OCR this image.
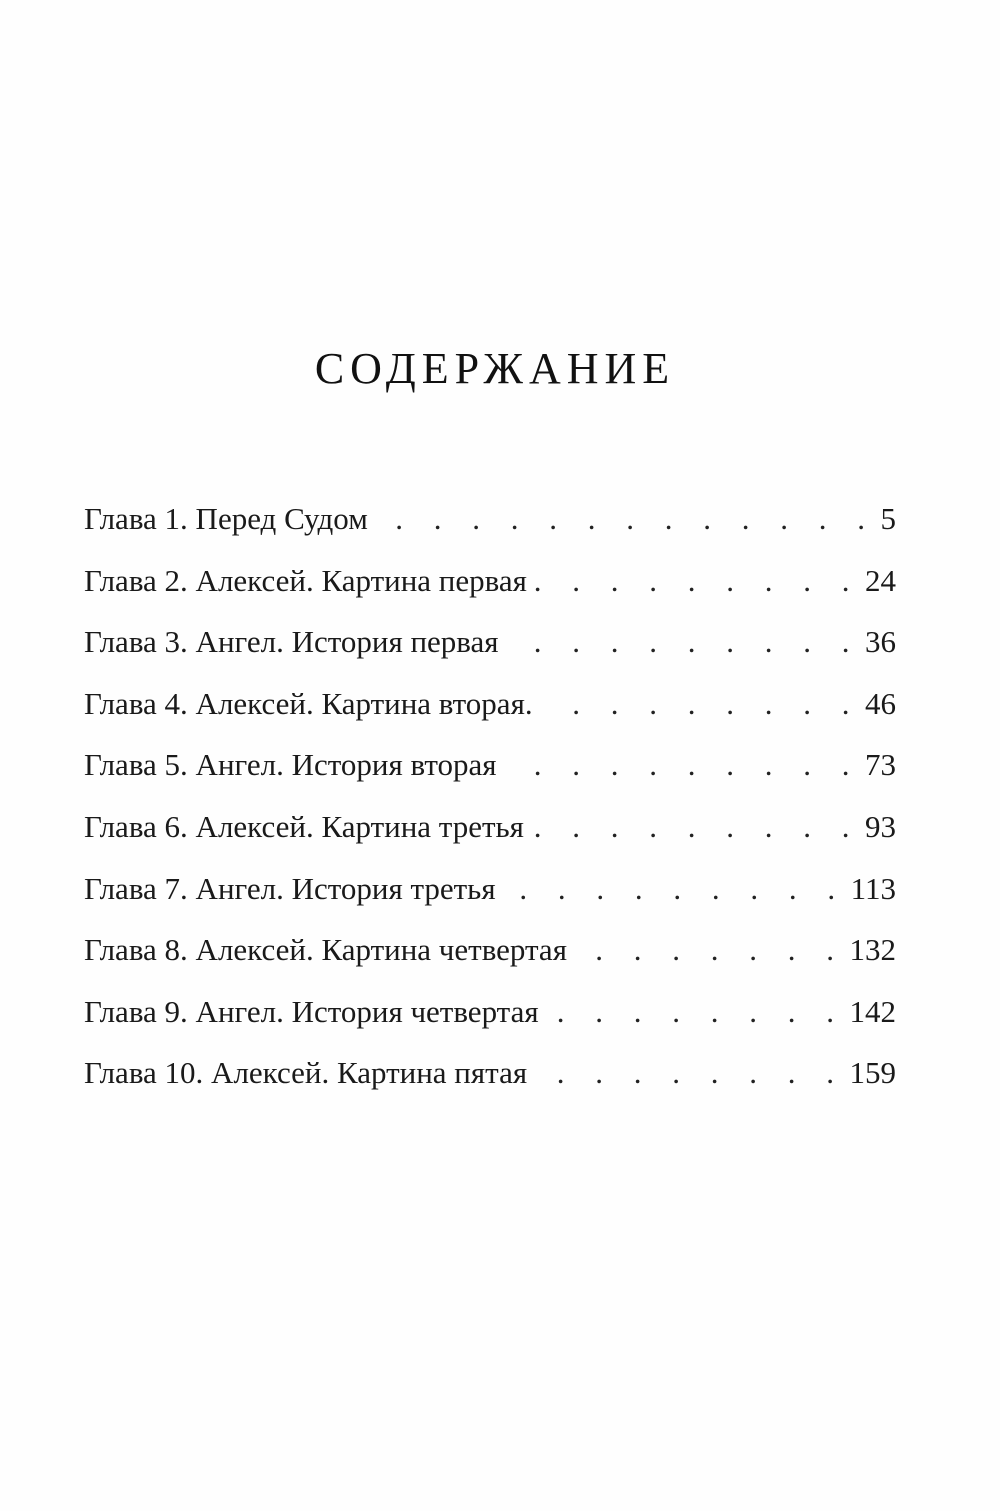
СОДЕРЖАНИЕ
Глава 1. Перед Судом . . .	5
Глава 2. Алексей. Картина первая . . .	24
Глава 3. Ангел. История первая . . .	36
Глава 4. Алексей. Картина вторая. . . .	46
Глава 5. Ангел. История вторая . . .	73
Глава 6. Алексей. Картина третья . . .	93
Глава 7. Ангел. История третья . . .	113
Глава 8. Алексей. Картина четвертая . . .	132
Глава 9. Ангел. История четвертая . . .	142
Глава 10. Алексей. Картина пятая . . .	159
